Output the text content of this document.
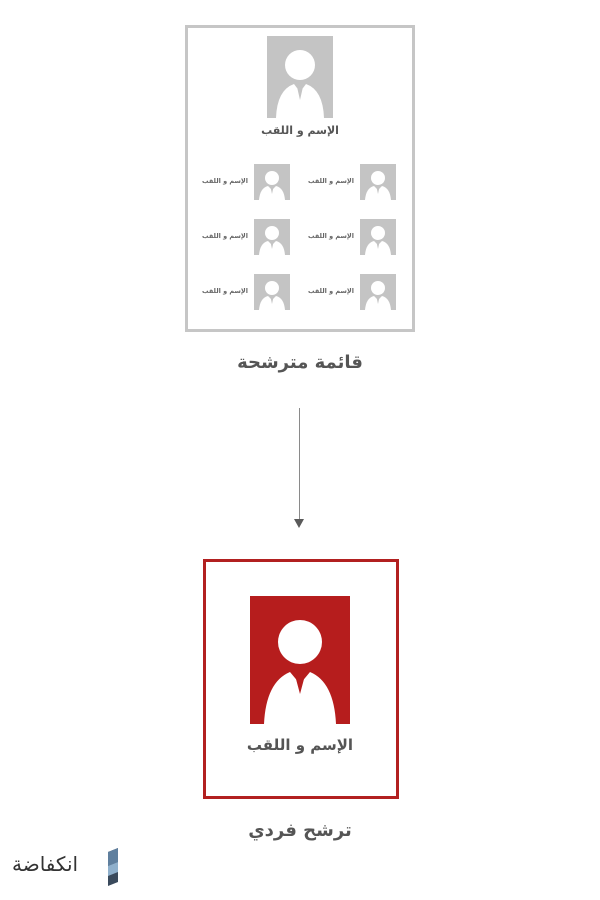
الإسم و اللقب
الإسم و اللقب
الإسم و اللقب
الإسم و اللقب
الإسم و اللقب
الإسم و اللقب
الإسم و اللقب
قائمة مترشحة
الإسم و اللقب
ترشح فردي
انكفاضة
